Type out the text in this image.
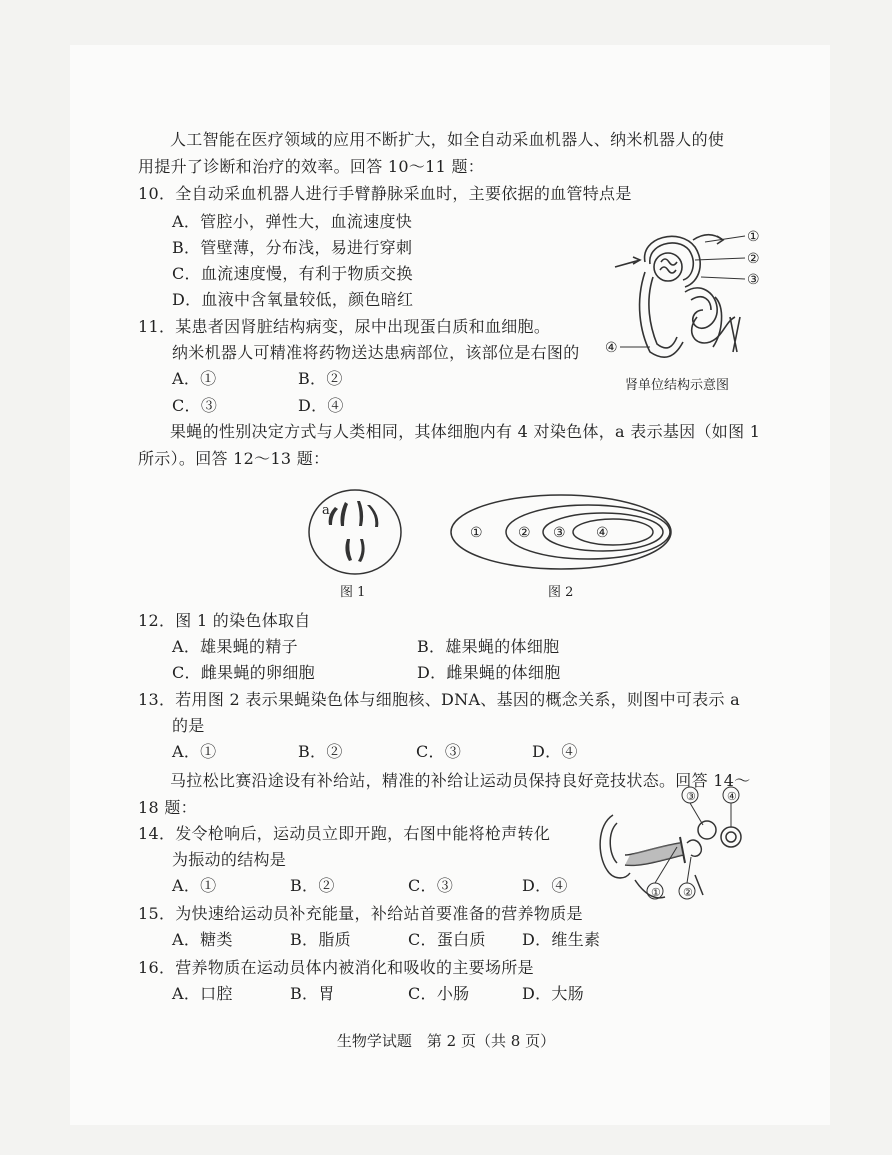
人工智能在医疗领域的应用不断扩大，如全自动采血机器人、纳米机器人的使
用提升了诊断和治疗的效率。回答 10～11 题：
10．全自动采血机器人进行手臂静脉采血时，主要依据的血管特点是
A．管腔小，弹性大，血流速度快
B．管壁薄，分布浅，易进行穿刺
C．血流速度慢，有利于物质交换
D．血液中含氧量较低，颜色暗红
11．某患者因肾脏结构病变，尿中出现蛋白质和血细胞。
纳米机器人可精准将药物送达患病部位，该部位是右图的
A．①	B．②
C．③	D．④
①
②
③
④
肾单位结构示意图
果蝇的性别决定方式与人类相同，其体细胞内有 4 对染色体，a 表示基因（如图 1
所示）。回答 12～13 题：
a
图 1
①	② ③ ④
图 2
12．图 1 的染色体取自
A．雄果蝇的精子	B．雄果蝇的体细胞
C．雌果蝇的卵细胞	D．雌果蝇的体细胞
13．若用图 2 表示果蝇染色体与细胞核、DNA、基因的概念关系，则图中可表示 a
的是
A．①	B．②	C．③	D．④
马拉松比赛沿途设有补给站，精准的补给让运动员保持良好竞技状态。回答 14～
18 题：
① ②
③	④
14．发令枪响后，运动员立即开跑，右图中能将枪声转化
为振动的结构是
A．①	B．②	C．③	D．④
15．为快速给运动员补充能量，补给站首要准备的营养物质是
A．糖类	B．脂质	C．蛋白质 D．维生素
16．营养物质在运动员体内被消化和吸收的主要场所是
A．口腔	B．胃	C．小肠	D．大肠
生物学试题　第 2 页（共 8 页）
